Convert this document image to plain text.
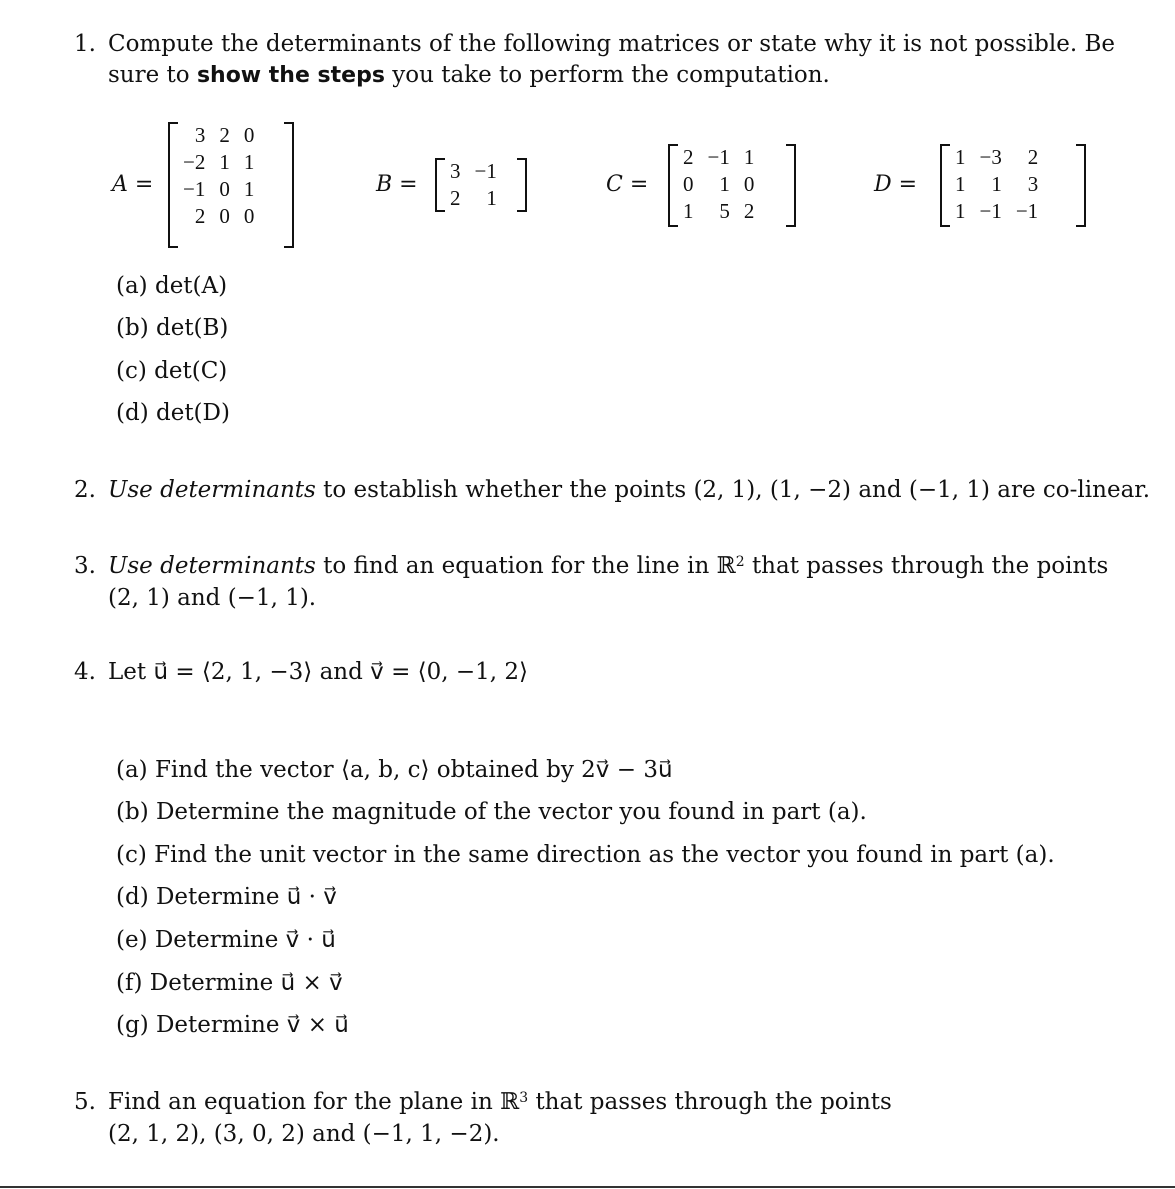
1. Compute the determinants of the following matrices or state why it is not possible. Be
sure to show the steps you take to perform the computation.
A =
3	2	0
−2	1	1
−1	0	1
2	0	0
B =
3	−1
2	1
C =
2	−1	1
0	1	0
1	5	2
D =
1	−3	2
1	1	3
1	−1	−1
(a) det(A)
(b) det(B)
(c) det(C)
(d) det(D)
2. Use determinants to establish whether the points (2, 1), (1, −2) and (−1, 1) are co-linear.
3. Use determinants to find an equation for the line in ℝ$^2$ that passes through the points
(2, 1) and (−1, 1).
4. Let u⃗ = ⟨2, 1, −3⟩ and v⃗ = ⟨0, −1, 2⟩
(a) Find the vector ⟨a, b, c⟩ obtained by 2v⃗ − 3u⃗
(b) Determine the magnitude of the vector you found in part (a).
(c) Find the unit vector in the same direction as the vector you found in part (a).
(d) Determine u⃗ · v⃗
(e) Determine v⃗ · u⃗
(f) Determine u⃗ × v⃗
(g) Determine v⃗ × u⃗
5. Find an equation for the plane in ℝ$^3$ that passes through the points
(2, 1, 2), (3, 0, 2) and (−1, 1, −2).
